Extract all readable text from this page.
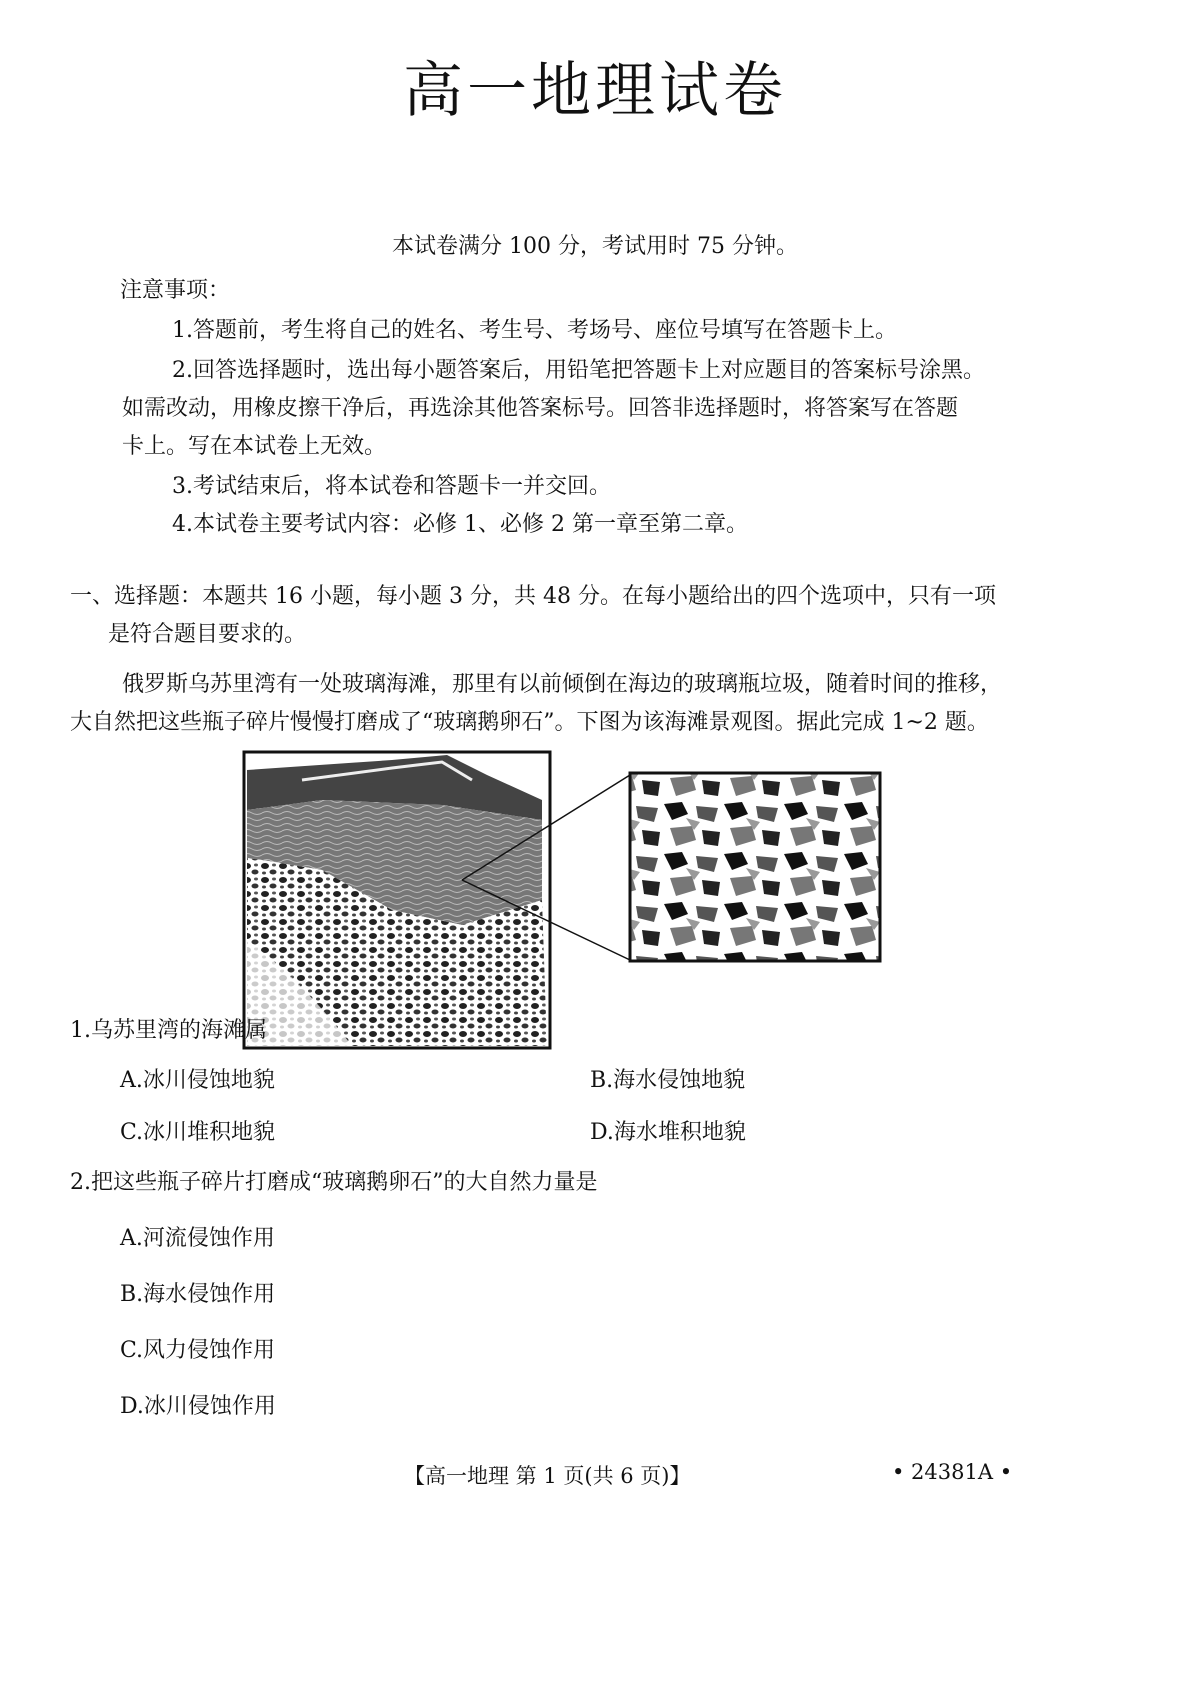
高一地理试卷
本试卷满分 100 分，考试用时 75 分钟。
注意事项：
1.答题前，考生将自己的姓名、考生号、考场号、座位号填写在答题卡上。
2.回答选择题时，选出每小题答案后，用铅笔把答题卡上对应题目的答案标号涂黑。
如需改动，用橡皮擦干净后，再选涂其他答案标号。回答非选择题时，将答案写在答题
卡上。写在本试卷上无效。
3.考试结束后，将本试卷和答题卡一并交回。
4.本试卷主要考试内容：必修 1、必修 2 第一章至第二章。
一、选择题：本题共 16 小题，每小题 3 分，共 48 分。在每小题给出的四个选项中，只有一项
是符合题目要求的。
俄罗斯乌苏里湾有一处玻璃海滩，那里有以前倾倒在海边的玻璃瓶垃圾，随着时间的推移，
大自然把这些瓶子碎片慢慢打磨成了“玻璃鹅卵石”。下图为该海滩景观图。据此完成 1~2 题。
1.乌苏里湾的海滩属
A.冰川侵蚀地貌	B.海水侵蚀地貌
C.冰川堆积地貌	D.海水堆积地貌
2.把这些瓶子碎片打磨成“玻璃鹅卵石”的大自然力量是
A.河流侵蚀作用
B.海水侵蚀作用
C.风力侵蚀作用
D.冰川侵蚀作用
【高一地理 第 1 页(共 6 页)】	• 24381A •
